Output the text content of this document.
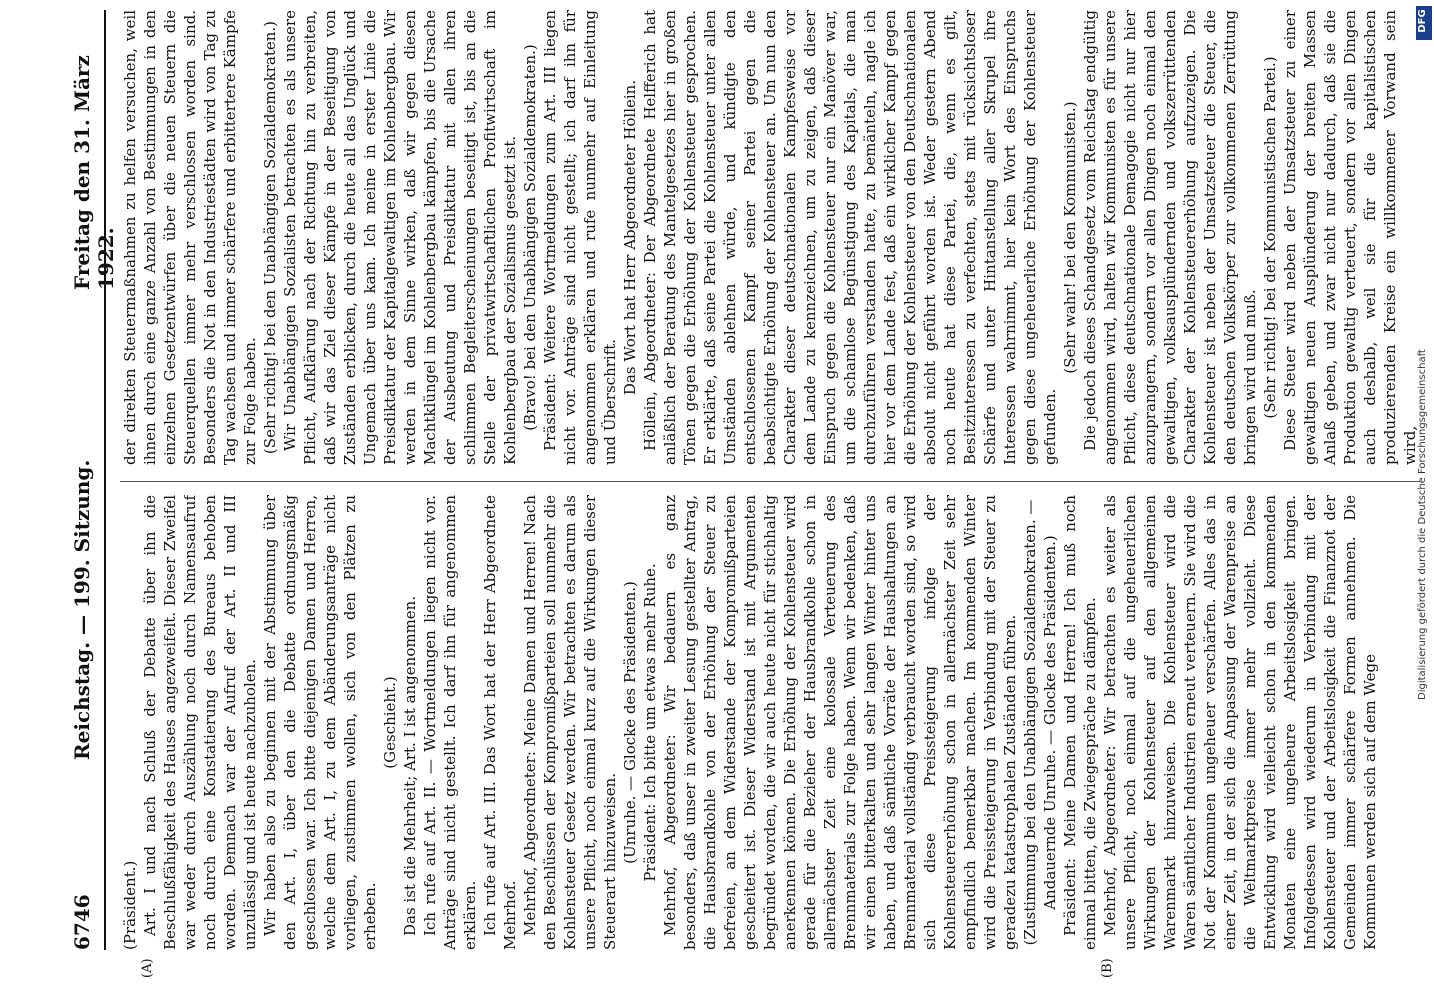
6746
Reichstag. — 199. Sitzung.
Freitag den 31. März 1922.
(A)	(B)

(Präsident.) Art. I und nach Schluß der Debatte über ihn die Beschlußfähigkeit des Hauses angezweifelt. Dieser Zweifel war weder durch Auszählung noch durch Namensaufruf noch durch eine Konstatierung des Bureaus behoben worden. Demnach war der Aufruf der Art. II und III unzulässig und ist heute nachzuholen. Wir haben also zu beginnen mit der Abstimmung über den Art. I, über den die Debatte ordnungsmäßig geschlossen war. Ich bitte diejenigen Damen und Herren, welche dem Art. I, zu dem Abänderungsanträge nicht vorliegen, zustimmen wollen, sich von den Plätzen zu erheben.

(Geschieht.) Das ist die Mehrheit; Art. I ist angenommen. Ich rufe auf Art. II. — Wortmeldungen liegen nicht vor. Anträge sind nicht gestellt. Ich darf ihn für angenommen erklären. Ich rufe auf Art. III. Das Wort hat der Herr Abgeordnete Mehrhof. Mehrhof, Abgeordneter: Meine Damen und Herren! Nach den Beschlüssen der Kompromißparteien soll nunmehr die Kohlensteuer Gesetz werden. Wir betrachten es darum als unsere Pflicht, noch einmal kurz auf die Wirkungen dieser Steuerart hinzuweisen. (Unruhe. — Glocke des Präsidenten.) Präsident: Ich bitte um etwas mehr Ruhe. Mehrhof, Abgeordneter: Wir bedauern es ganz besonders, daß unser in zweiter Lesung gestellter Antrag, die Hausbrandkohle von der Erhöhung der Steuer zu befreien, an dem Widerstande der Kompromißparteien gescheitert ist. Dieser Widerstand ist mit Argumenten begründet worden, die wir auch heute nicht für stichhaltig anerkennen können. Die Erhöhung der Kohlensteuer wird gerade für die Bezieher der Hausbrandkohle schon in allernächster Zeit eine kolossale Verteuerung des Brennmaterials zur Folge haben. Wenn wir bedenken, daß wir einen bitterkalten und sehr langen Winter hinter uns haben, und daß sämtliche Vorräte der Haushaltungen an Brennmaterial vollständig verbraucht worden sind, so wird sich diese Preissteigerung infolge der Kohlensteuererhöhung schon in allernächster Zeit sehr empfindlich bemerkbar machen. Im kommenden Winter wird die Preissteigerung in Verbindung mit der Steuer zu geradezu katastrophalen Zuständen führen. (Zustimmung bei den Unabhängigen Sozialdemokraten. — Andauernde Unruhe. — Glocke des Präsidenten.) Präsident: Meine Damen und Herren! Ich muß noch einmal bitten, die Zwiegespräche zu dämpfen. Mehrhof, Abgeordneter: Wir betrachten es weiter als unsere Pflicht, noch einmal auf die ungeheuerlichen Wirkungen der Kohlensteuer auf den allgemeinen Warenmarkt hinzuweisen. Die Kohlensteuer wird die Waren sämtlicher Industrien erneut verteuern. Sie wird die Not der Kommunen ungeheuer verschärfen. Alles das in einer Zeit, in der sich die Anpassung der Warenpreise an die Weltmarktpreise immer mehr vollzieht. Diese Entwicklung wird vielleicht schon in den kommenden Monaten eine ungeheure Arbeitslosigkeit bringen. Infolgedessen wird wiederum in Verbindung mit der Kohlensteuer und der Arbeitslosigkeit die Finanznot der Gemeinden immer schärfere Formen annehmen. Die Kommunen werden sich auf dem Wege

der direkten Steuermaßnahmen zu helfen versuchen, weil ihnen durch eine ganze Anzahl von Bestimmungen in den einzelnen Gesetzentwürfen über die neuen Steuern die Steuerquellen immer mehr verschlossen worden sind. Besonders die Not in den Industriestädten wird von Tag zu Tag wachsen und immer schärfere und erbittertere Kämpfe zur Folge haben. (Sehr richtig! bei den Unabhängigen Sozialdemokraten.) Wir Unabhängigen Sozialisten betrachten es als unsere Pflicht, Aufklärung nach der Richtung hin zu verbreiten, daß wir das Ziel dieser Kämpfe in der Beseitigung von Zuständen erblicken, durch die heute all das Unglück und Ungemach über uns kam. Ich meine in erster Linie die Preisdiktatur der Kapitalgewaltigen im Kohlenbergbau. Wir werden in dem Sinne wirken, daß wir gegen diesen Machtklüngel im Kohlenbergbau kämpfen, bis die Ursache der Ausbeutung und Preisdiktatur mit allen ihren schlimmen Begleiterscheinungen beseitigt ist, bis an die Stelle der privatwirtschaftlichen Profitwirtschaft im Kohlenbergbau der Sozialismus gesetzt ist. (Bravo! bei den Unabhängigen Sozialdemokraten.) Präsident: Weitere Wortmeldungen zum Art. III liegen nicht vor. Anträge sind nicht gestellt; ich darf ihn für angenommen erklären und rufe nunmehr auf Einleitung und Überschrift.

Das Wort hat Herr Abgeordneter Höllein. Höllein, Abgeordneter: Der Abgeordnete Helfferich hat anläßlich der Beratung des Mantelgesetzes hier in großen Tönen gegen die Erhöhung der Kohlensteuer gesprochen. Er erklärte, daß seine Partei die Kohlensteuer unter allen Umständen ablehnen würde, und kündigte den entschlossenen Kampf seiner Partei gegen die beabsichtigte Erhöhung der Kohlensteuer an. Um nun den Charakter dieser deutschnationalen Kampfesweise vor dem Lande zu kennzeichnen, um zu zeigen, daß dieser Einspruch gegen die Kohlensteuer nur ein Manöver war, um die schamlose Begünstigung des Kapitals, die man durchzuführen verstanden hatte, zu bemänteln, nagle ich hier vor dem Lande fest, daß ein wirklicher Kampf gegen die Erhöhung der Kohlensteuer von den Deutschnationalen absolut nicht geführt worden ist. Weder gestern Abend noch heute hat diese Partei, die, wenn es gilt, Besitzinteressen zu verfechten, stets mit rücksichtsloser Schärfe und unter Hintanstellung aller Skrupel ihre Interessen wahrnimmt, hier kein Wort des Einspruchs gegen diese ungeheuerliche Erhöhung der Kohlensteuer gefunden.

(Sehr wahr! bei den Kommunisten.) Die jedoch dieses Schandgesetz vom Reichstag endgültig angenommen wird, halten wir Kommunisten es für unsere Pflicht, diese deutschnationale Demagogie nicht nur hier anzuprangern, sondern vor allen Dingen noch einmal den gewaltigen, volksausplündernden und volkszerrüttenden Charakter der Kohlensteuererhöhung aufzuzeigen. Die Kohlensteuer ist neben der Umsatzsteuer die Steuer, die den deutschen Volkskörper zur vollkommenen Zerrüttung bringen wird und muß. (Sehr richtig! bei der Kommunistischen Partei.) Diese Steuer wird neben der Umsatzsteuer zu einer gewaltigen neuen Ausplünderung der breiten Massen Anlaß geben, und zwar nicht nur dadurch, daß sie die Produktion gewaltig verteuert, sondern vor allen Dingen auch deshalb, weil sie für die kapitalistischen produzierenden Kreise ein willkommener Vorwand sein wird,

Digitalisierung gefördert durch die Deutsche Forschungsgemeinschaft
DFG
